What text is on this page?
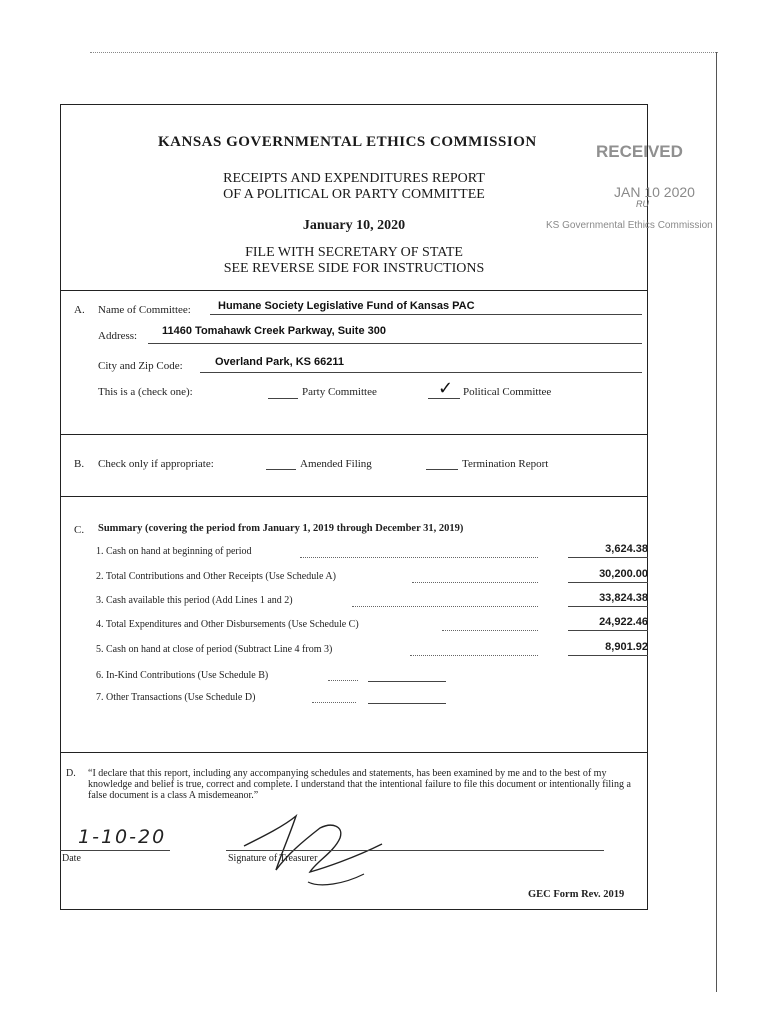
KANSAS GOVERNMENTAL ETHICS COMMISSION
RECEIPTS AND EXPENDITURES REPORT
OF A POLITICAL OR PARTY COMMITTEE
January 10, 2020
FILE WITH SECRETARY OF STATE
SEE REVERSE SIDE FOR INSTRUCTIONS
RECEIVED
JAN 10 2020
RU
KS Governmental Ethics Commission
A. Name of Committee: Humane Society Legislative Fund of Kansas PAC
Address: 11460 Tomahawk Creek Parkway, Suite 300
City and Zip Code:	Overland Park, KS 66211
This is a (check one):	Party Committee	✓ Political Committee
B. Check only if appropriate:	Amended Filing	Termination Report
C. Summary (covering the period from January 1, 2019 through December 31, 2019)
1. Cash on hand at beginning of period	3,624.38
2. Total Contributions and Other Receipts (Use Schedule A)	30,200.00
3. Cash available this period (Add Lines 1 and 2)	33,824.38
4. Total Expenditures and Other Disbursements (Use Schedule C)	24,922.46
5. Cash on hand at close of period (Subtract Line 4 from 3)	8,901.92
6. In-Kind Contributions (Use Schedule B)
7. Other Transactions (Use Schedule D)
D. “I declare that this report, including any accompanying schedules and statements, has been examined by me and to the best of my knowledge and belief is true, correct and complete. I understand that the intentional failure to file this document or intentionally filing a false document is a class A misdemeanor.”
1-10-20
Date	Signature of Treasurer
GEC Form Rev. 2019
